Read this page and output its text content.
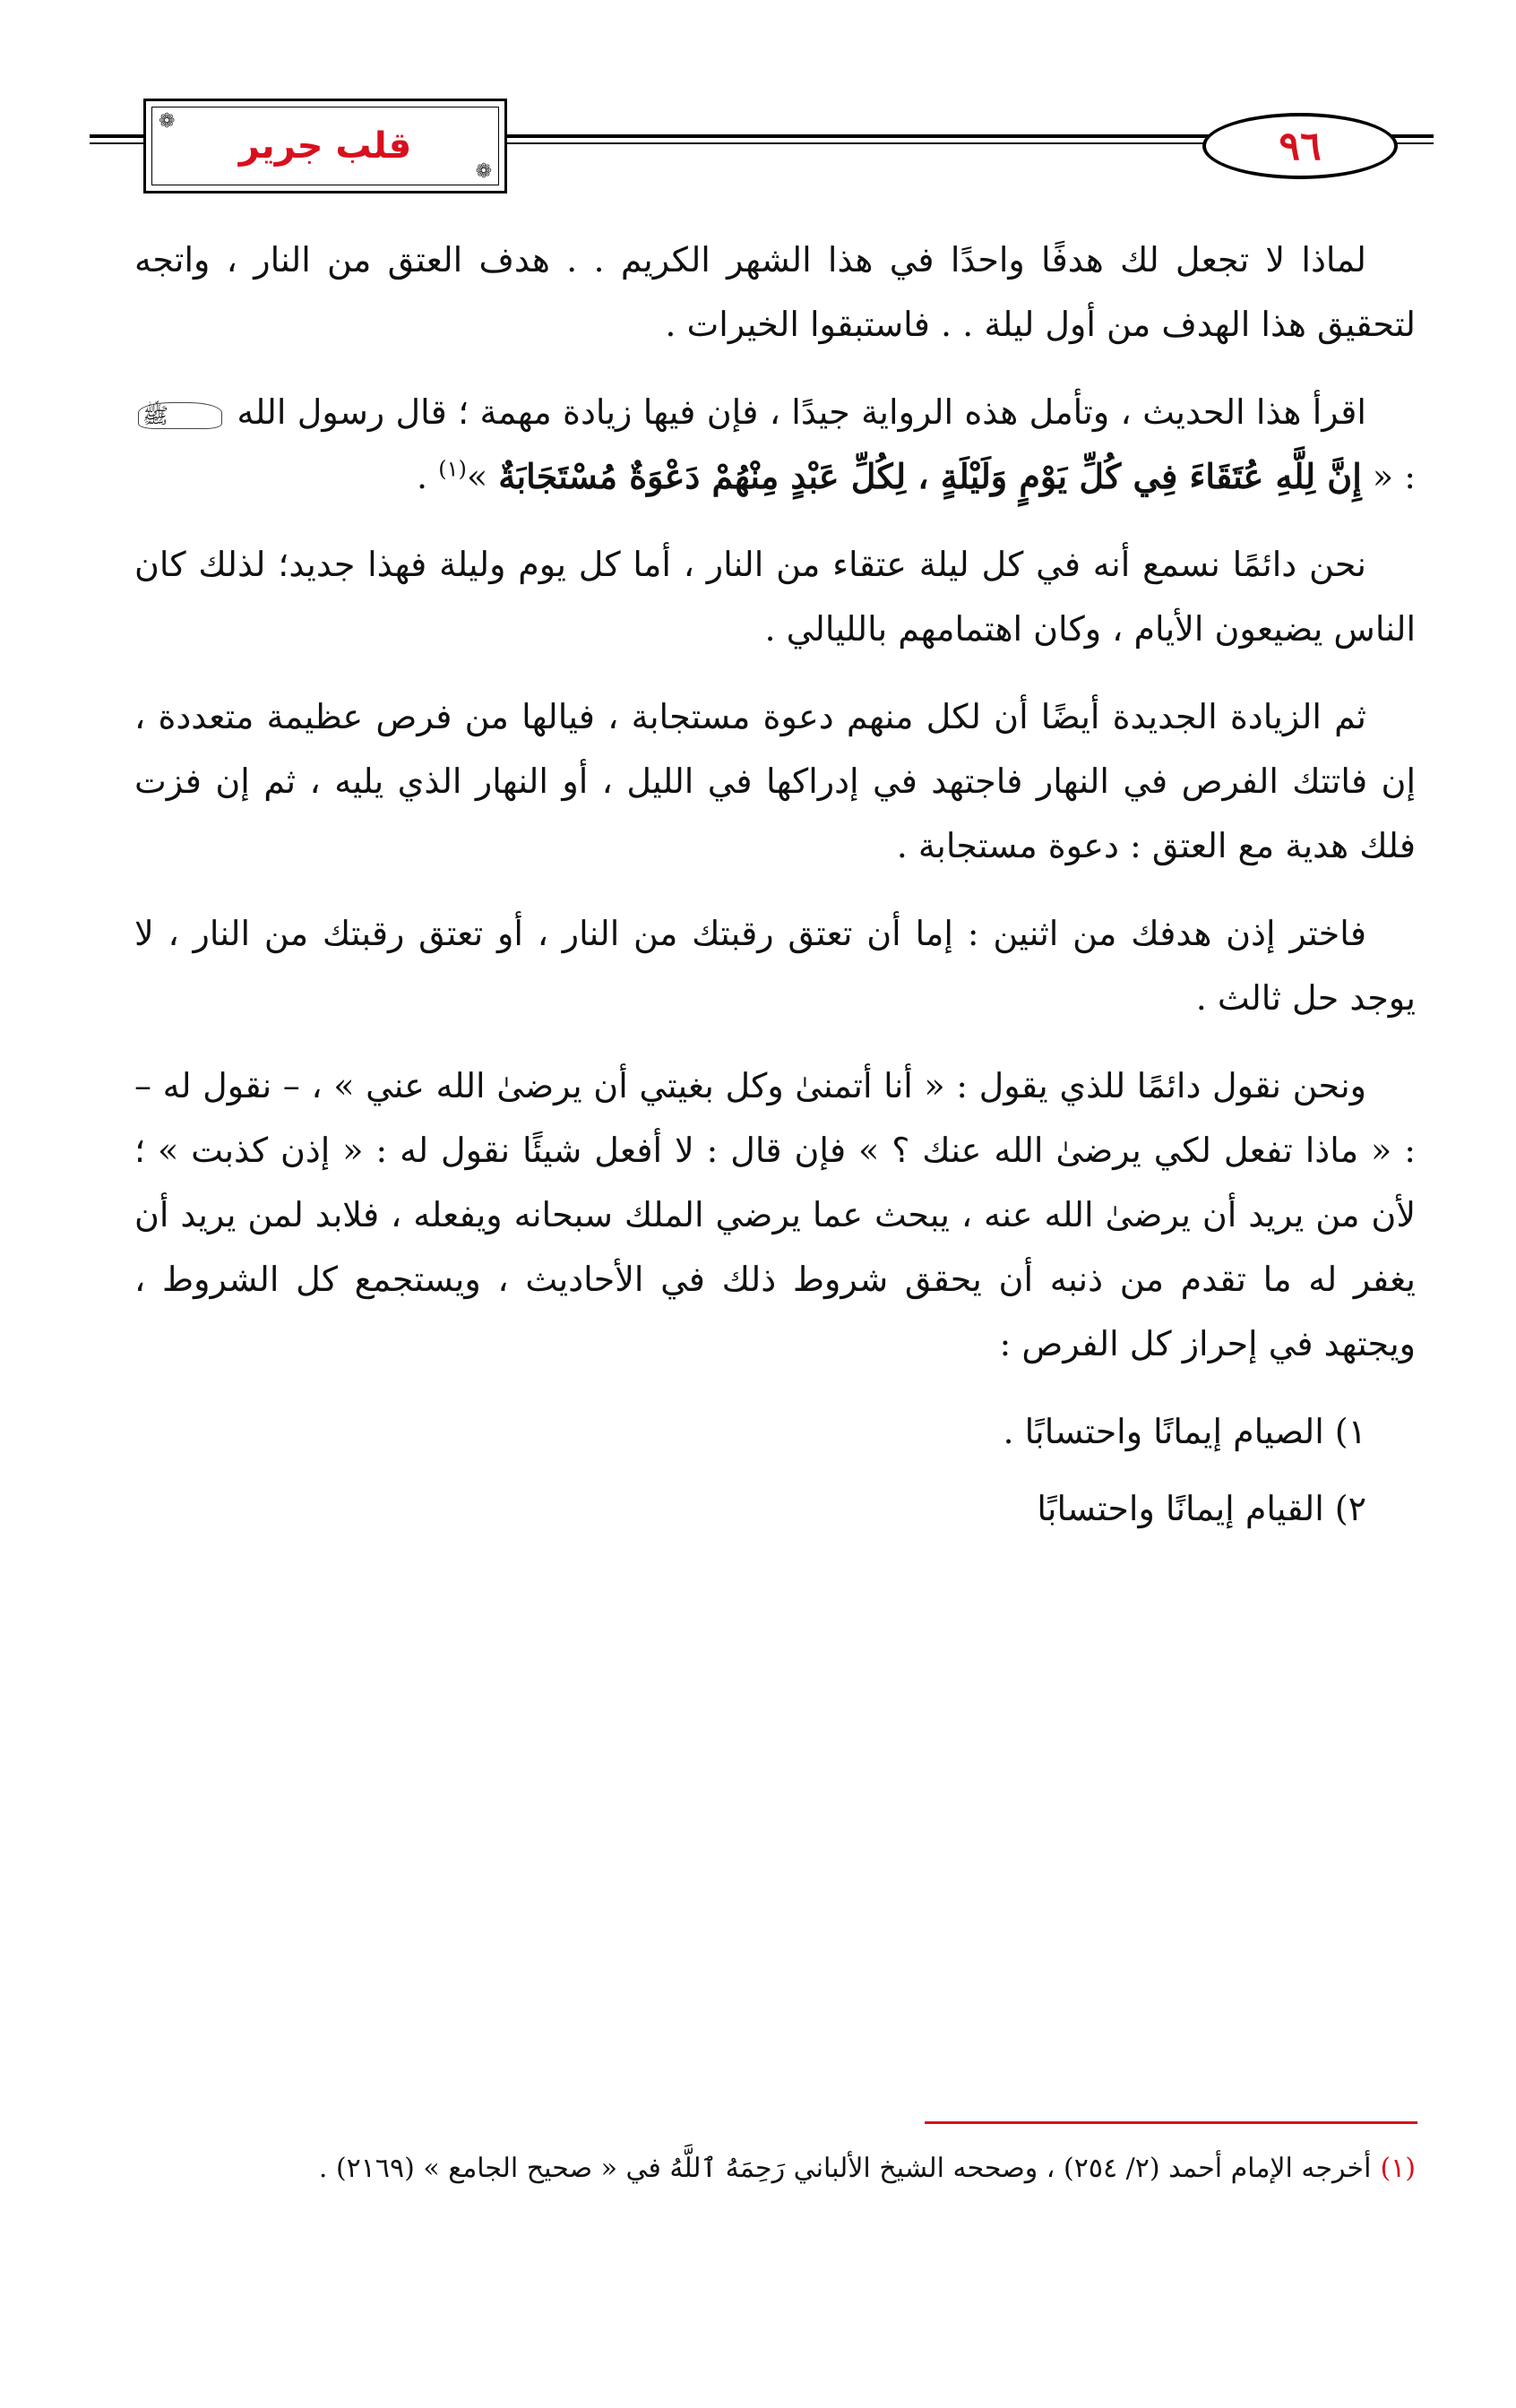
❁
قلب جرير
❁
٩٦

لماذا لا تجعل لك هدفًا واحدًا في هذا الشهر الكريم . . هدف العتق من النار ، واتجه لتحقيق هذا الهدف من أول ليلة . . فاستبقوا الخيرات .

اقرأ هذا الحديث ، وتأمل هذه الرواية جيدًا ، فإن فيها زيادة مهمة ؛ قال رسول الله ﷺ : « إِنَّ لِلَّهِ عُتَقَاءَ فِي كُلِّ يَوْمٍ وَلَيْلَةٍ ، لِكُلِّ عَبْدٍ مِنْهُمْ دَعْوَةٌ مُسْتَجَابَةٌ »$^{(١)}$ .

نحن دائمًا نسمع أنه في كل ليلة عتقاء من النار ، أما كل يوم وليلة فهذا جديد؛ لذلك كان الناس يضيعون الأيام ، وكان اهتمامهم بالليالي .

ثم الزيادة الجديدة أيضًا أن لكل منهم دعوة مستجابة ، فيالها من فرص عظيمة متعددة ، إن فاتتك الفرص في النهار فاجتهد في إدراكها في الليل ، أو النهار الذي يليه ، ثم إن فزت فلك هدية مع العتق : دعوة مستجابة .

فاختر إذن هدفك من اثنين : إما أن تعتق رقبتك من النار ، أو تعتق رقبتك من النار ، لا يوجد حل ثالث .

ونحن نقول دائمًا للذي يقول : « أنا أتمنىٰ وكل بغيتي أن يرضىٰ الله عني » ، – نقول له – : « ماذا تفعل لكي يرضىٰ الله عنك ؟ » فإن قال : لا أفعل شيئًا نقول له : « إذن كذبت » ؛ لأن من يريد أن يرضىٰ الله عنه ، يبحث عما يرضي الملك سبحانه ويفعله ، فلابد لمن يريد أن يغفر له ما تقدم من ذنبه أن يحقق شروط ذلك في الأحاديث ، ويستجمع كل الشروط ، ويجتهد في إحراز كل الفرص :

١)الصيام إيمانًا واحتسابًا .
٢)القيام إيمانًا واحتسابًا
(١)أخرجه الإمام أحمد (٢/ ٢٥٤) ، وصححه الشيخ الألباني رَحِمَهُ ٱللَّهُ في « صحيح الجامع » (٢١٦٩) .
